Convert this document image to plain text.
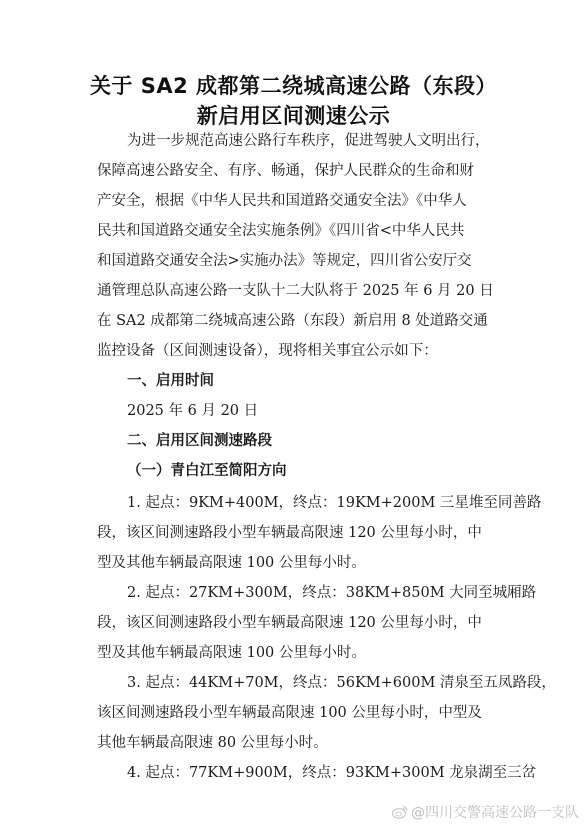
关于 SA2 成都第二绕城高速公路（东段）
新启用区间测速公示
为进一步规范高速公路行车秩序，促进驾驶人文明出行，
保障高速公路安全、有序、畅通，保护人民群众的生命和财
产安全，根据《中华人民共和国道路交通安全法》《中华人
民共和国道路交通安全法实施条例》《四川省<中华人民共
和国道路交通安全法>实施办法》等规定，四川省公安厅交
通管理总队高速公路一支队十二大队将于 2025 年 6 月 20 日
在 SA2 成都第二绕城高速公路（东段）新启用 8 处道路交通
监控设备（区间测速设备），现将相关事宜公示如下：
一、启用时间
2025 年 6 月 20 日
二、启用区间测速路段
（一）青白江至简阳方向
1. 起点：9KM+400M，终点：19KM+200M 三星堆至同善路
段，该区间测速路段小型车辆最高限速 120 公里每小时，中
型及其他车辆最高限速 100 公里每小时。
2. 起点：27KM+300M，终点：38KM+850M 大同至城厢路
段，该区间测速路段小型车辆最高限速 120 公里每小时，中
型及其他车辆最高限速 100 公里每小时。
3. 起点：44KM+70M，终点：56KM+600M 清泉至五凤路段，
该区间测速路段小型车辆最高限速 100 公里每小时，中型及
其他车辆最高限速 80 公里每小时。
4. 起点：77KM+900M，终点：93KM+300M 龙泉湖至三岔
@四川交警高速公路一支队
